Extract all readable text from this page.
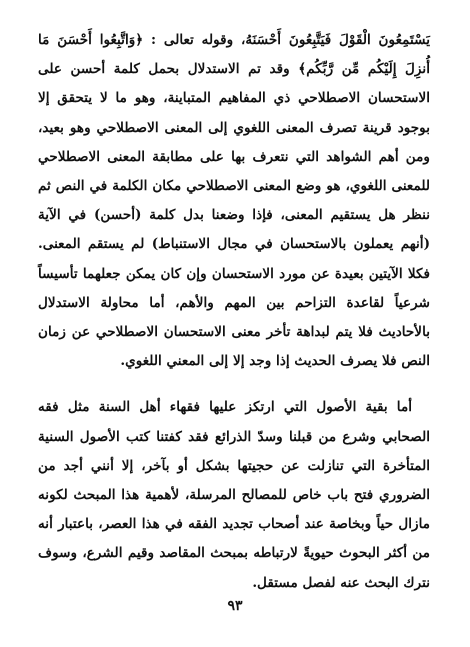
يَسْتَمِعُونَ الْقَوْلَ فَيَتَّبِعُونَ أَحْسَنَهُ، وقوله تعالى : ﴿وَاتَّبِعُوا أَحْسَنَ مَا أُنزِلَ إِلَيْكُم مِّن رَّبِّكُم﴾ وقد تم الاستدلال بحمل كلمة أحسن على الاستحسان الاصطلاحي ذي المفاهيم المتباينة، وهو ما لا يتحقق إلا بوجود قرينة تصرف المعنى اللغوي إلى المعنى الاصطلاحي وهو بعيد، ومن أهم الشواهد التي نتعرف بها على مطابقة المعنى الاصطلاحي للمعنى اللغوي، هو وضع المعنى الاصطلاحي مكان الكلمة في النص ثم ننظر هل يستقيم المعنى، فإذا وضعنا بدل كلمة (أحسن) في الآية (أنهم يعملون بالاستحسان في مجال الاستنباط) لم يستقم المعنى. فكلا الآيتين بعيدة عن مورد الاستحسان وإن كان يمكن جعلهما تأسيساً شرعياً لقاعدة التزاحم بين المهم والأهم، أما محاولة الاستدلال بالأحاديث فلا يتم لبداهة تأخر معنى الاستحسان الاصطلاحي عن زمان النص فلا يصرف الحديث إذا وجد إلا إلى المعني اللغوي.

أما بقية الأصول التي ارتكز عليها فقهاء أهل السنة مثل فقه الصحابي وشرع من قبلنا وسدّ الذرائع فقد كفتنا كتب الأصول السنية المتأخرة التي تنازلت عن حجيتها بشكل أو بآخر، إلا أنني أجد من الضروري فتح باب خاص للمصالح المرسلة، لأهمية هذا المبحث لكونه مازال حياً وبخاصة عند أصحاب تجديد الفقه في هذا العصر، باعتبار أنه من أكثر البحوث حيويةً لارتباطه بمبحث المقاصد وقيم الشرع، وسوف نترك البحث عنه لفصل مستقل.

٩٣
